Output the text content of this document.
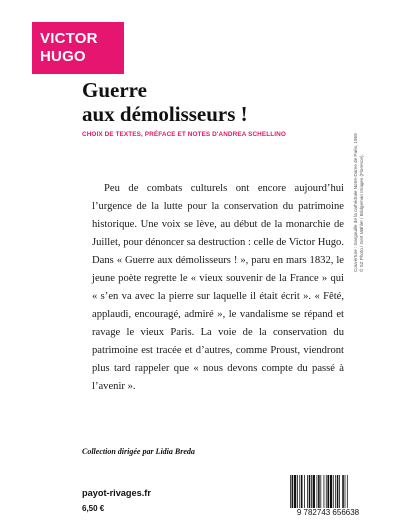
VICTOR
HUGO
Guerre
aux démolisseurs !
CHOIX DE TEXTES, PRÉFACE ET NOTES D'ANDREA SCHELLINO

Peu de combats culturels ont encore aujourd’hui l’urgence de la lutte pour la conservation du patrimoine historique. Une voix se lève, au début de la monarchie de Juillet, pour dénoncer sa destruction : celle de Victor Hugo. Dans « Guerre aux démolisseurs ! », paru en mars 1832, le jeune poète regrette le « vieux souvenir de la France » qui « s’en va avec la pierre sur laquelle il était écrit ». « Fêté, applaudi, encouragé, admiré », le vandalisme se répand et ravage le vieux Paris. La voie de la conservation du patrimoine est tracée et d’autres, comme Proust, viendront plus tard rappeler que « nous devons compte du passé à l’avenir ».

Couverture : Gargouille de la cathédrale Notre-Dame de Paris, 1959 © SZ Photo / Gert Mähler / Bridgeman Images (Florence).
Collection dirigée par Lidia Breda
payot-rivages.fr
6,50 €	9 782743 656638
